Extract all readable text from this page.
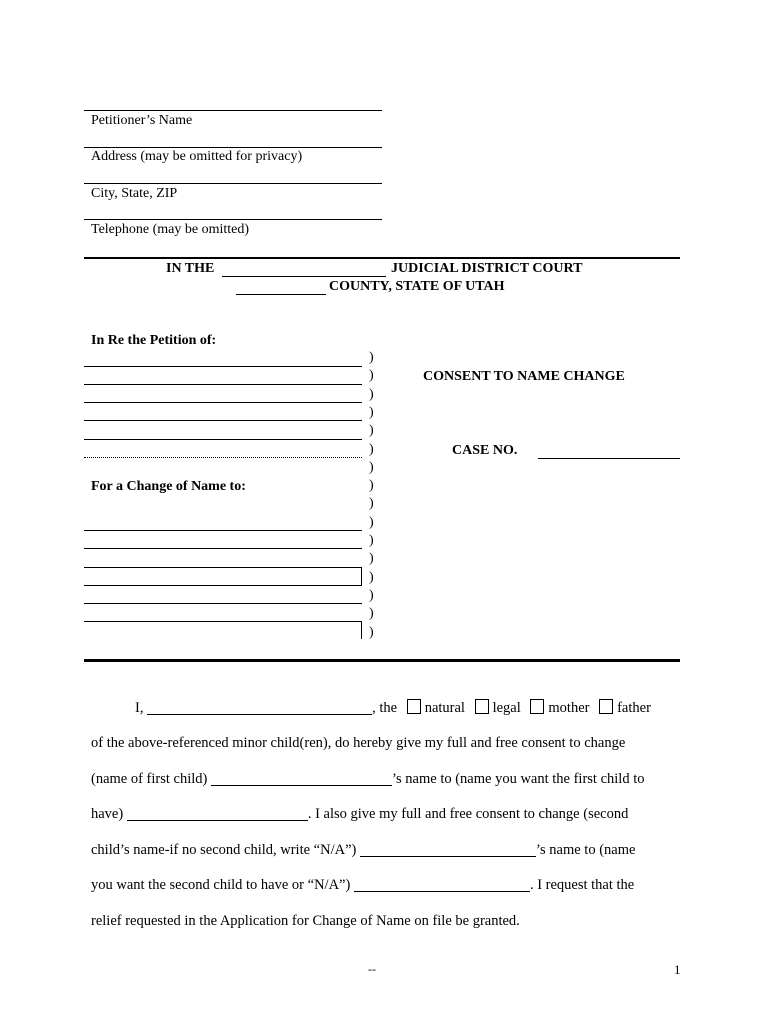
Petitioner’s Name
Address (may be omitted for privacy)
City, State, ZIP
Telephone (may be omitted)
IN THE	JUDICIAL DISTRICT COURT
COUNTY, STATE OF UTAH
In Re the Petition of:
For a Change of Name to:
)
)
)
)
)
)
)
)
)
)
)
)
)
)
)
)
CONSENT TO NAME CHANGE
CASE NO.
I,	, the natural legal mother father
of the above-referenced minor child(ren), do hereby give my full and free consent to change
(name of first child)	’s name to (name you want the first child to
have)	. I also give my full and free consent to change (second
child’s name-if no second child, write “N/A”)	’s name to (name
you want the second child to have or “N/A”)	. I request that the
relief requested in the Application for Change of Name on file be granted.
--	1
